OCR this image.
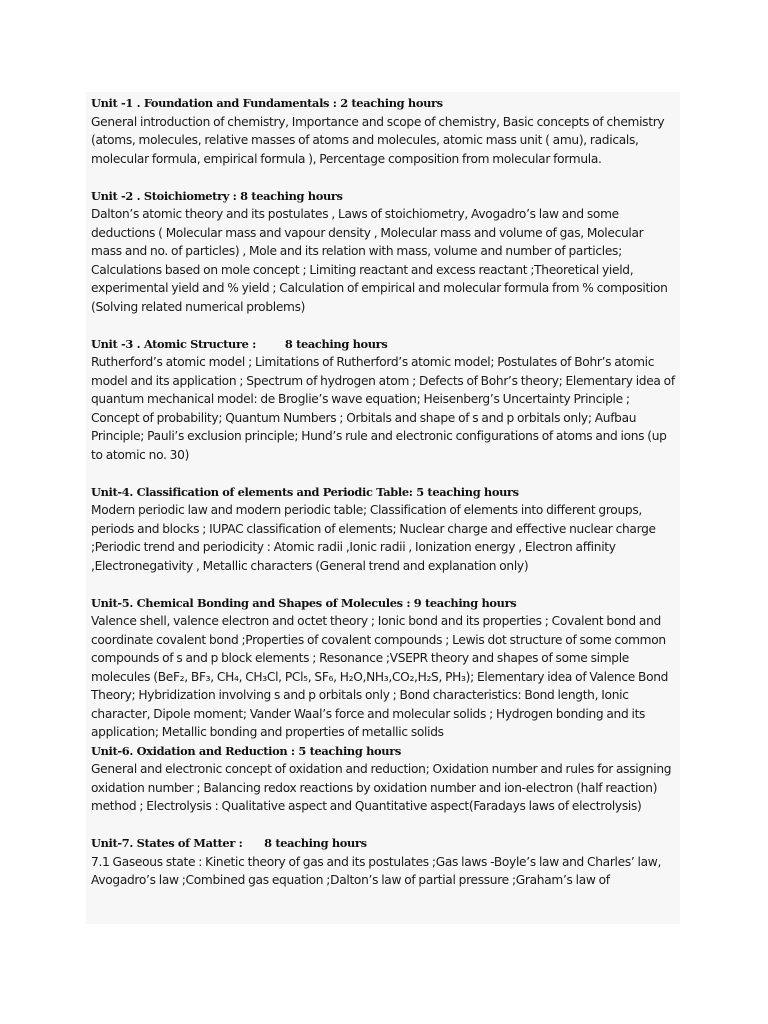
Unit -1 . Foundation and Fundamentals : 2 teaching hours
General introduction of chemistry, Importance and scope of chemistry, Basic concepts of chemistry (atoms, molecules, relative masses of atoms and molecules, atomic mass unit ( amu), radicals, molecular formula, empirical formula ), Percentage composition from molecular formula.
Unit -2 . Stoichiometry : 8 teaching hours
Dalton’s atomic theory and its postulates , Laws of stoichiometry, Avogadro’s law and some deductions ( Molecular mass and vapour density , Molecular mass and volume of gas, Molecular mass and no. of particles) , Mole and its relation with mass, volume and number of particles; Calculations based on mole concept ; Limiting reactant and excess reactant ;Theoretical yield, experimental yield and % yield ; Calculation of empirical and molecular formula from % composition (Solving related numerical problems)
Unit -3 . Atomic Structure :        8 teaching hours
Rutherford’s atomic model ; Limitations of Rutherford’s atomic model; Postulates of Bohr’s atomic model and its application ; Spectrum of hydrogen atom ; Defects of Bohr’s theory; Elementary idea of quantum mechanical model: de Broglie’s wave equation; Heisenberg’s Uncertainty Principle ; Concept of probability; Quantum Numbers ; Orbitals and shape of s and p orbitals only; Aufbau Principle; Pauli’s exclusion principle; Hund’s rule and electronic configurations of atoms and ions (up to atomic no. 30)
Unit-4. Classification of elements and Periodic Table: 5 teaching hours
Modern periodic law and modern periodic table; Classification of elements into different groups, periods and blocks ; IUPAC classification of elements; Nuclear charge and effective nuclear charge ;Periodic trend and periodicity : Atomic radii ,Ionic radii , Ionization energy , Electron affinity ,Electronegativity , Metallic characters (General trend and explanation only)
Unit-5. Chemical Bonding and Shapes of Molecules : 9 teaching hours
Valence shell, valence electron and octet theory ; Ionic bond and its properties ; Covalent bond and coordinate covalent bond ;Properties of covalent compounds ; Lewis dot structure of some common compounds of s and p block elements ; Resonance ;VSEPR theory and shapes of some simple molecules (BeF₂, BF₃, CH₄, CH₃Cl, PCl₅, SF₆, H₂O,NH₃,CO₂,H₂S, PH₃); Elementary idea of Valence Bond Theory; Hybridization involving s and p orbitals only ; Bond characteristics: Bond length, Ionic character, Dipole moment; Vander Waal’s force and molecular solids ; Hydrogen bonding and its application; Metallic bonding and properties of metallic solids
Unit-6. Oxidation and Reduction : 5 teaching hours
General and electronic concept of oxidation and reduction; Oxidation number and rules for assigning oxidation number ; Balancing redox reactions by oxidation number and ion-electron (half reaction) method ; Electrolysis : Qualitative aspect and Quantitative aspect(Faradays laws of electrolysis)
Unit-7. States of Matter :      8 teaching hours
7.1 Gaseous state : Kinetic theory of gas and its postulates ;Gas laws -Boyle’s law and Charles’ law, Avogadro’s law ;Combined gas equation ;Dalton’s law of partial pressure ;Graham’s law of
